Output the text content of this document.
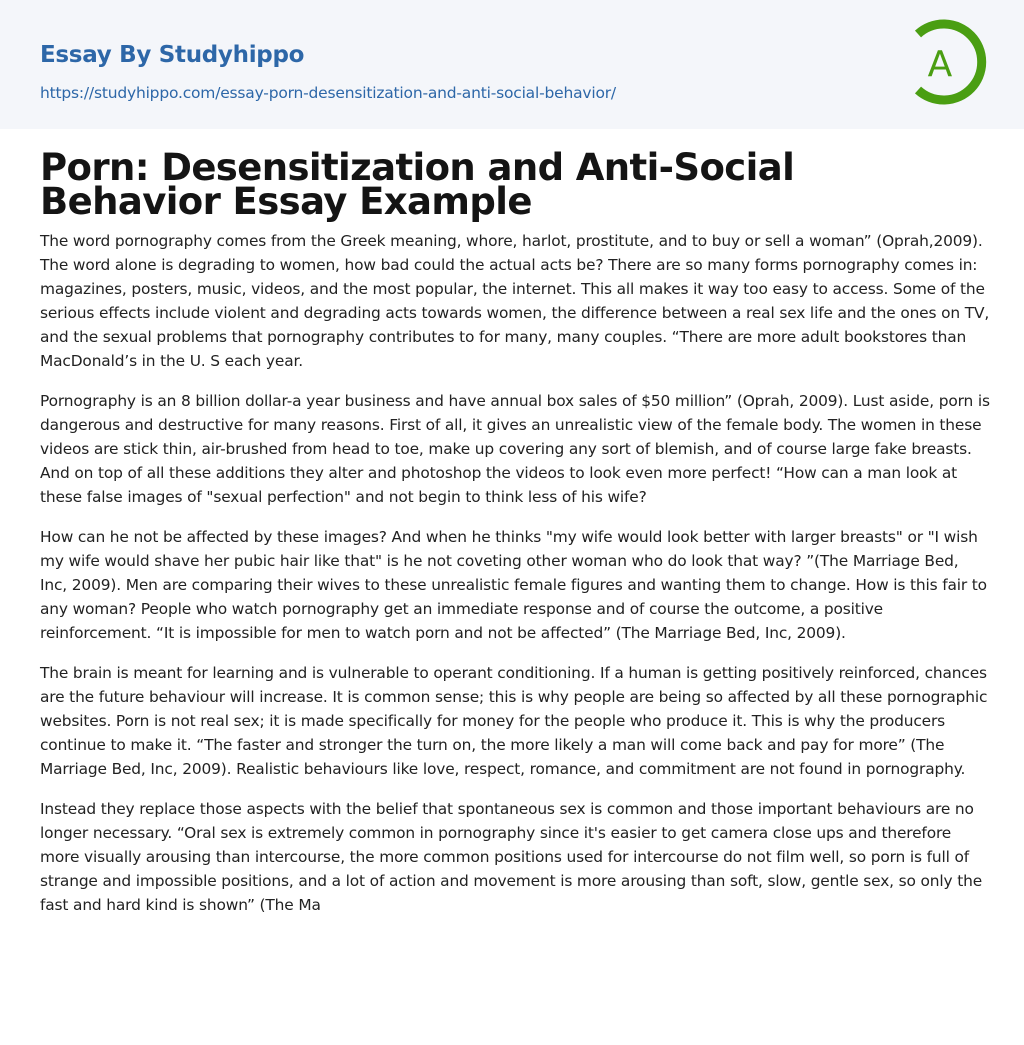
Essay By Studyhippo
https://studyhippo.com/essay-porn-desensitization-and-anti-social-behavior/
A
Porn: Desensitization and Anti-Social Behavior Essay Example

The word pornography comes from the Greek meaning, whore, harlot, prostitute, and to buy or sell a woman” (Oprah,2009). The word alone is degrading to women, how bad could the actual acts be? There are so many forms pornography comes in: magazines, posters, music, videos, and the most popular, the internet. This all makes it way too easy to access. Some of the serious effects include violent and degrading acts towards women, the difference between a real sex life and the ones on TV, and the sexual problems that pornography contributes to for many, many couples. “There are more adult bookstores than MacDonald’s in the U. S each year.

Pornography is an 8 billion dollar-a year business and have annual box sales of $50 million” (Oprah, 2009). Lust aside, porn is dangerous and destructive for many reasons. First of all, it gives an unrealistic view of the female body. The women in these videos are stick thin, air-brushed from head to toe, make up covering any sort of blemish, and of course large fake breasts. And on top of all these additions they alter and photoshop the videos to look even more perfect! “How can a man look at these false images of "sexual perfection" and not begin to think less of his wife?

How can he not be affected by these images? And when he thinks "my wife would look better with larger breasts" or "I wish my wife would shave her pubic hair like that" is he not coveting other woman who do look that way? ”(The Marriage Bed, Inc, 2009). Men are comparing their wives to these unrealistic female figures and wanting them to change. How is this fair to any woman? People who watch pornography get an immediate response and of course the outcome, a positive reinforcement. “It is impossible for men to watch porn and not be affected” (The Marriage Bed, Inc, 2009).

The brain is meant for learning and is vulnerable to operant conditioning. If a human is getting positively reinforced, chances are the future behaviour will increase. It is common sense; this is why people are being so affected by all these pornographic websites. Porn is not real sex; it is made specifically for money for the people who produce it. This is why the producers continue to make it. “The faster and stronger the turn on, the more likely a man will come back and pay for more” (The Marriage Bed, Inc, 2009). Realistic behaviours like love, respect, romance, and commitment are not found in pornography.

Instead they replace those aspects with the belief that spontaneous sex is common and those important behaviours are no longer necessary. “Oral sex is extremely common in pornography since it's easier to get camera close ups and therefore more visually arousing than intercourse, the more common positions used for intercourse do not film well, so porn is full of strange and impossible positions, and a lot of action and movement is more arousing than soft, slow, gentle sex, so only the fast and hard kind is shown” (The Ma
